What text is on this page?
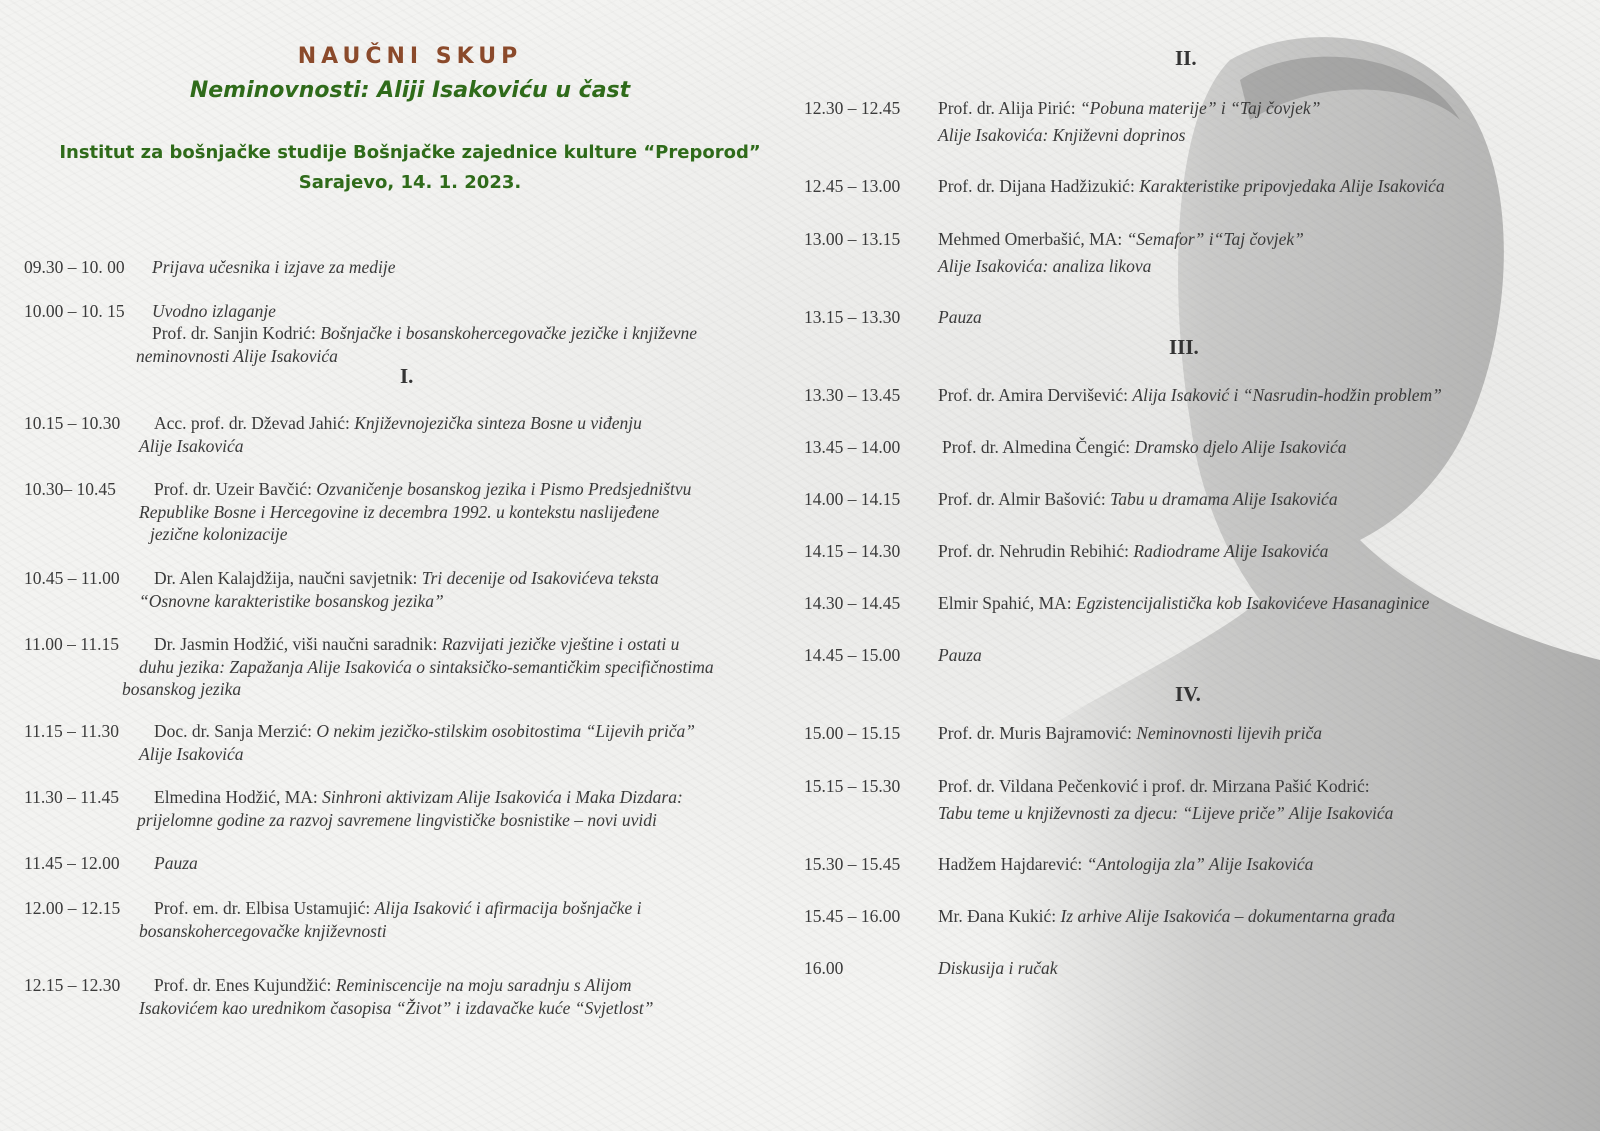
NAUČNI SKUP
Neminovnosti: Aliji Isakoviću u čast
Institut za bošnjačke studije Bošnjačke zajednice kulture “Preporod”
Sarajevo, 14. 1. 2023.
I.
II.
III.
IV.
09.30 – 10. 00 Prijava učesnika i izjave za medije
10.00 – 10. 15 Uvodno izlaganje
Prof. dr. Sanjin Kodrić: Bošnjačke i bosanskohercegovačke jezičke i književne
neminovnosti Alije Isakovića
10.15 – 10.30 Acc. prof. dr. Dževad Jahić: Književnojezička sinteza Bosne u viđenju
Alije Isakovića
10.30– 10.45 Prof. dr. Uzeir Bavčić: Ozvaničenje bosanskog jezika i Pismo Predsjedništvu
Republike Bosne i Hercegovine iz decembra 1992. u kontekstu naslijeđene
jezične kolonizacije
10.45 – 11.00 Dr. Alen Kalajdžija, naučni savjetnik: Tri decenije od Isakovićeva teksta
“Osnovne karakteristike bosanskog jezika”
11.00 – 11.15 Dr. Jasmin Hodžić, viši naučni saradnik: Razvijati jezičke vještine i ostati u
duhu jezika: Zapažanja Alije Isakovića o sintaksičko-semantičkim specifičnostima
bosanskog jezika
11.15 – 11.30 Doc. dr. Sanja Merzić: O nekim jezičko-stilskim osobitostima “Lijevih priča”
Alije Isakovića
11.30 – 11.45 Elmedina Hodžić, MA: Sinhroni aktivizam Alije Isakovića i Maka Dizdara:
prijelomne godine za razvoj savremene lingvističke bosnistike – novi uvidi
11.45 – 12.00 Pauza
12.00 – 12.15 Prof. em. dr. Elbisa Ustamujić: Alija Isaković i afirmacija bošnjačke i
bosanskohercegovačke književnosti
12.15 – 12.30 Prof. dr. Enes Kujundžić: Reminiscencije na moju saradnju s Alijom
Isakovićem kao urednikom časopisa “Život” i izdavačke kuće “Svjetlost”
12.30 – 12.45 Prof. dr. Alija Pirić: “Pobuna materije” i “Taj čovjek”
Alije Isakovića: Književni doprinos
12.45 – 13.00 Prof. dr. Dijana Hadžizukić: Karakteristike pripovjedaka Alije Isakovića
13.00 – 13.15 Mehmed Omerbašić, MA: “Semafor” i“Taj čovjek”
Alije Isakovića: analiza likova
13.15 – 13.30 Pauza
13.30 – 13.45 Prof. dr. Amira Dervišević: Alija Isaković i “Nasrudin-hodžin problem”
13.45 – 14.00 Prof. dr. Almedina Čengić: Dramsko djelo Alije Isakovića
14.00 – 14.15 Prof. dr. Almir Bašović: Tabu u dramama Alije Isakovića
14.15 – 14.30 Prof. dr. Nehrudin Rebihić: Radiodrame Alije Isakovića
14.30 – 14.45 Elmir Spahić, MA: Egzistencijalistička kob Isakovićeve Hasanaginice
14.45 – 15.00 Pauza
15.00 – 15.15 Prof. dr. Muris Bajramović: Neminovnosti lijevih priča
15.15 – 15.30 Prof. dr. Vildana Pečenković i prof. dr. Mirzana Pašić Kodrić:
Tabu teme u književnosti za djecu: “Lijeve priče” Alije Isakovića
15.30 – 15.45 Hadžem Hajdarević: “Antologija zla” Alije Isakovića
15.45 – 16.00 Mr. Đana Kukić: Iz arhive Alije Isakovića – dokumentarna građa
16.00	Diskusija i ručak
